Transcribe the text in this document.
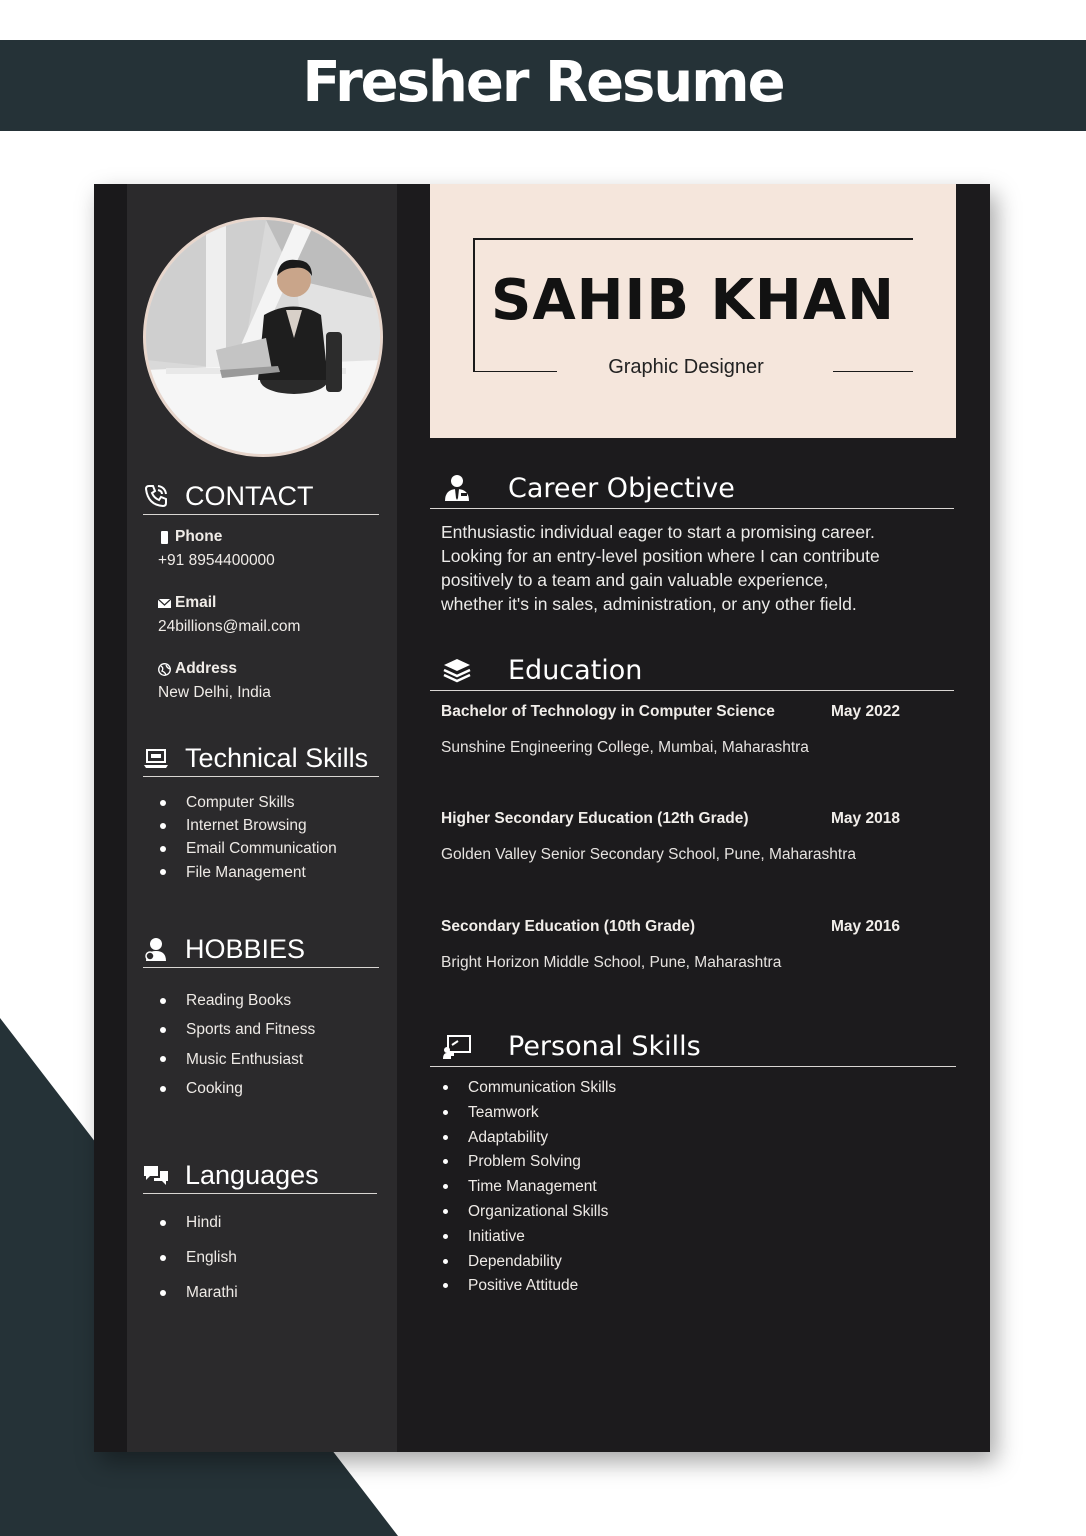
Fresher Resume
CONTACT
Phone
+91 8954400000
Email
24billions@mail.com
Address
New Delhi, India
Technical Skills
Computer Skills
Internet Browsing
Email Communication
File Management
HOBBIES
Reading Books
Sports and Fitness
Music Enthusiast
Cooking
Languages
Hindi
English
Marathi
SAHIB KHAN
Graphic Designer
Career Objective
Enthusiastic individual eager to start a promising career.
Looking for an entry-level position where I can contribute
positively to a team and gain valuable experience,
whether it's in sales, administration, or any other field.
Education
Bachelor of Technology in Computer Science	May 2022
Sunshine Engineering College, Mumbai, Maharashtra
Higher Secondary Education (12th Grade)	May 2018
Golden Valley Senior Secondary School, Pune, Maharashtra
Secondary Education (10th Grade)	May 2016
Bright Horizon Middle School, Pune, Maharashtra
Personal Skills
Communication Skills
Teamwork
Adaptability
Problem Solving
Time Management
Organizational Skills
Initiative
Dependability
Positive Attitude
